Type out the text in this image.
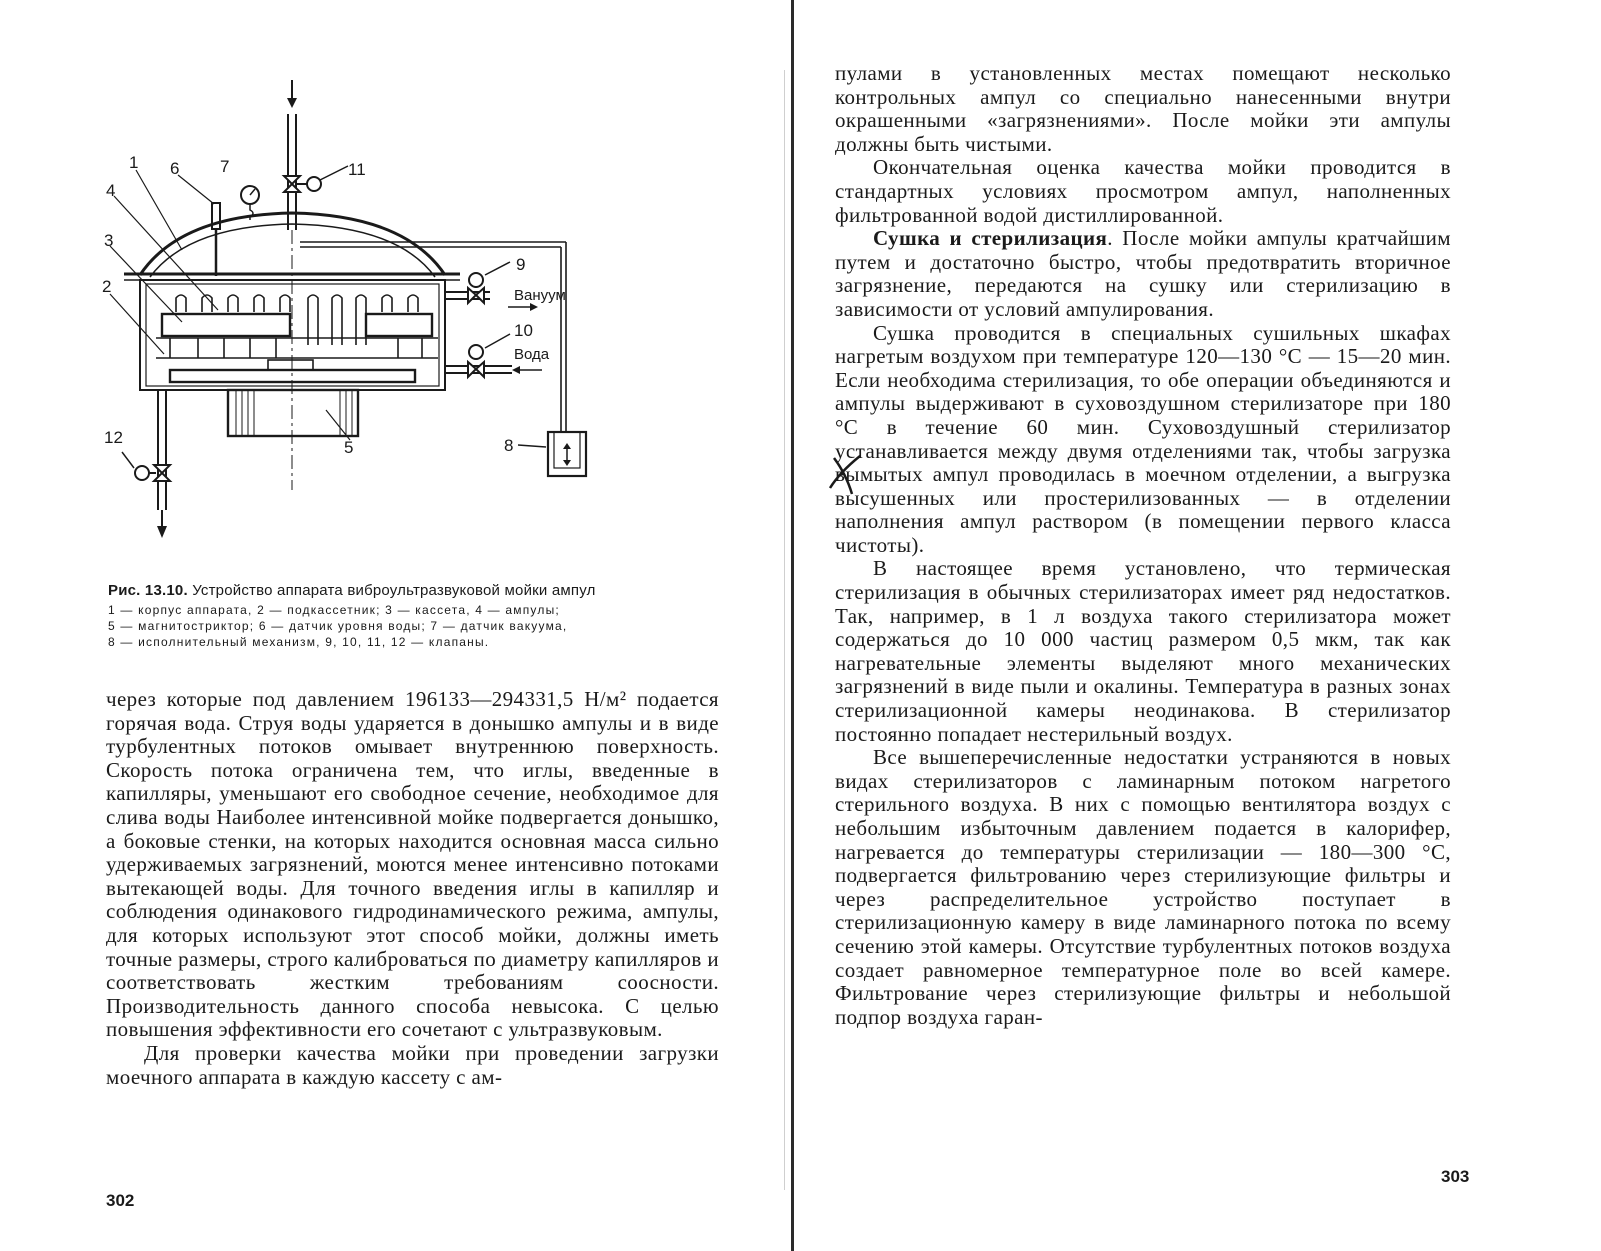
1
2
3
4
5
6 7
8
9
10
11
12
Вануум
Вода

Рис. 13.10. Устройство аппарата виброультразвуковой мойки ампул

1 — корпус аппарата, 2 — подкассетник; 3 — кассета, 4 — ампулы;

5 — магнитостриктор; 6 — датчик уровня воды; 7 — датчик вакуума,

8 — исполнительный механизм, 9, 10, 11, 12 — клапаны.

через которые под давлением 196133—294331,5 Н/м² подается горячая вода. Струя воды ударяется в донышко ампулы и в виде турбулентных потоков омывает внутреннюю поверхность. Скорость потока ограничена тем, что иглы, введенные в капилляры, уменьшают его свободное сечение, необходимое для слива воды Наиболее интенсивной мойке подвергается донышко, а боковые стенки, на которых находится основная масса сильно удерживаемых загрязнений, моются менее интенсивно потоками вытекающей воды. Для точного введения иглы в капилляр и соблюдения одинакового гидродинамического режима, ампулы, для которых используют этот способ мойки, должны иметь точные размеры, строго калиброваться по диаметру капилляров и соответствовать жестким требованиям соосности. Производительность данного способа невысока. С целью повышения эффективности его сочетают с ультразвуковым.

Для проверки качества мойки при проведении загрузки моечного аппарата в каждую кассету с ам-

302

пулами в установленных местах помещают несколько контрольных ампул со специально нанесенными внутри окрашенными «загрязнениями». После мойки эти ампулы должны быть чистыми.

Окончательная оценка качества мойки проводится в стандартных условиях просмотром ампул, наполненных фильтрованной водой дистиллированной.

Сушка и стерилизация. После мойки ампулы кратчайшим путем и достаточно быстро, чтобы предотвратить вторичное загрязнение, передаются на сушку или стерилизацию в зависимости от условий ампулирования.

Сушка проводится в специальных сушильных шкафах нагретым воздухом при температуре 120—130 °С — 15—20 мин. Если необходима стерилизация, то обе операции объединяются и ампулы выдерживают в суховоздушном стерилизаторе при 180 °С в течение 60 мин. Суховоздушный стерилизатор устанавливается между двумя отделениями так, чтобы загрузка вымытых ампул проводилась в моечном отделении, а выгрузка высушенных или простерилизованных — в отделении наполнения ампул раствором (в помещении первого класса чистоты).

В настоящее время установлено, что термическая стерилизация в обычных стерилизаторах имеет ряд недостатков. Так, например, в 1 л воздуха такого стерилизатора может содержаться до 10 000 частиц размером 0,5 мкм, так как нагревательные элементы выделяют много механических загрязнений в виде пыли и окалины. Температура в разных зонах стерилизационной камеры неодинакова. В стерилизатор постоянно попадает нестерильный воздух.

Все вышеперечисленные недостатки устраняются в новых видах стерилизаторов с ламинарным потоком нагретого стерильного воздуха. В них с помощью вентилятора воздух с небольшим избыточным давлением подается в калорифер, нагревается до температуры стерилизации — 180—300 °С, подвергается фильтрованию через стерилизующие фильтры и через распределительное устройство поступает в стерилизационную камеру в виде ламинарного потока по всему сечению этой камеры. Отсутствие турбулентных потоков воздуха создает равномерное температурное поле во всей камере. Фильтрование через стерилизующие фильтры и небольшой подпор воздуха гаран-

303
